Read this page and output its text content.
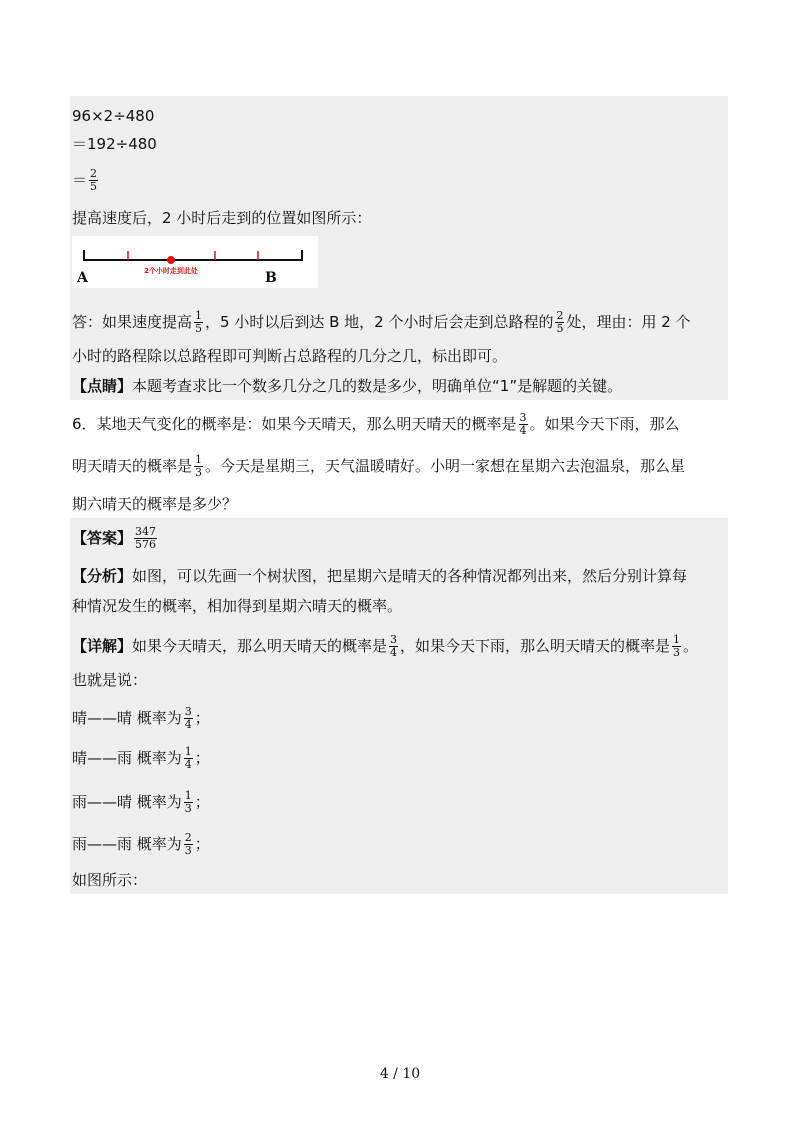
96×2÷480
＝192÷480
＝ $\frac{2}{5}$
提高速度后，2 小时后走到的位置如图所示：
A	B
2个小时走到此处
答：如果速度提高 $\frac{1}{5}$ ，5 小时以后到达 B 地，2 个小时后会走到总路程的 $\frac{2}{5}$ 处，理由：用 2 个
小时的路程除以总路程即可判断占总路程的几分之几，标出即可。
【点睛】本题考查求比一个数多几分之几的数是多少，明确单位“1”是解题的关键。
6．某地天气变化的概率是：如果今天晴天，那么明天晴天的概率是 $\frac{3}{4}$ 。如果今天下雨，那么
明天晴天的概率是 $\frac{1}{3}$ 。今天是星期三，天气温暖晴好。小明一家想在星期六去泡温泉，那么星
期六晴天的概率是多少？
【答案】 $\frac{347}{576}$
【分析】如图，可以先画一个树状图，把星期六是晴天的各种情况都列出来，然后分别计算每
种情况发生的概率，相加得到星期六晴天的概率。
【详解】如果今天晴天，那么明天晴天的概率是 $\frac{3}{4}$ ，如果今天下雨，那么明天晴天的概率是 $\frac{1}{3}$ 。
也就是说：
晴——晴 概率为 $\frac{3}{4}$ ；
晴——雨 概率为 $\frac{1}{4}$ ；
雨——晴 概率为 $\frac{1}{3}$ ；
雨——雨 概率为 $\frac{2}{3}$ ；
如图所示：
4 / 10
